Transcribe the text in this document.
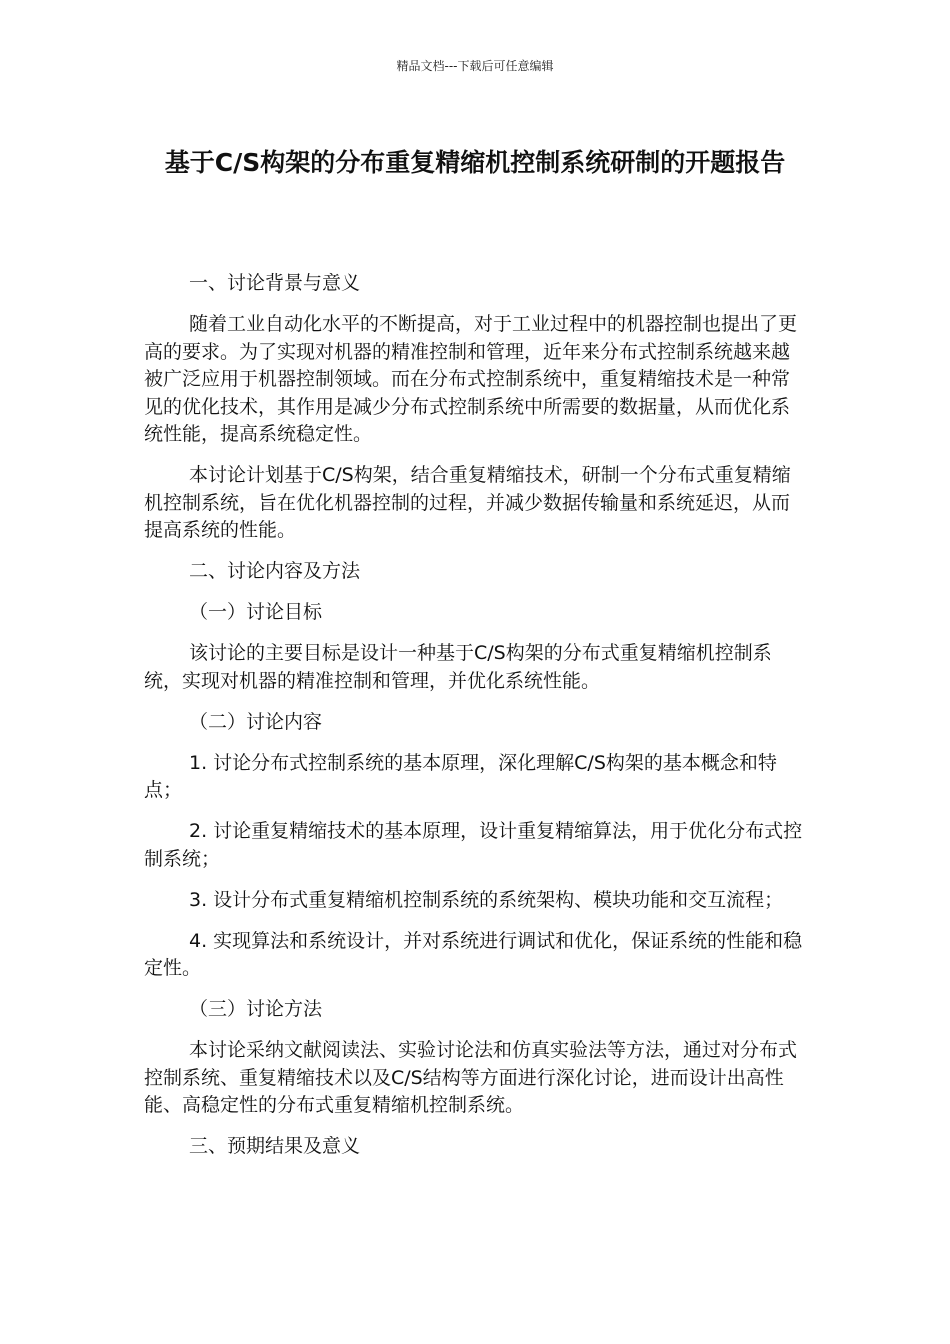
精品文档---下载后可任意编辑
基于C/S构架的分布重复精缩机控制系统研制的开题报告

一、讨论背景与意义

随着工业自动化水平的不断提高，对于工业过程中的机器控制也提出了更高的要求。为了实现对机器的精准控制和管理，近年来分布式控制系统越来越被广泛应用于机器控制领域。而在分布式控制系统中，重复精缩技术是一种常见的优化技术，其作用是减少分布式控制系统中所需要的数据量，从而优化系统性能，提高系统稳定性。

本讨论计划基于C/S构架，结合重复精缩技术，研制一个分布式重复精缩机控制系统，旨在优化机器控制的过程，并减少数据传输量和系统延迟，从而提高系统的性能。

二、讨论内容及方法

（一）讨论目标

该讨论的主要目标是设计一种基于C/S构架的分布式重复精缩机控制系统，实现对机器的精准控制和管理，并优化系统性能。

（二）讨论内容

1. 讨论分布式控制系统的基本原理，深化理解C/S构架的基本概念和特点；

2. 讨论重复精缩技术的基本原理，设计重复精缩算法，用于优化分布式控制系统；

3. 设计分布式重复精缩机控制系统的系统架构、模块功能和交互流程；

4. 实现算法和系统设计，并对系统进行调试和优化，保证系统的性能和稳定性。

（三）讨论方法

本讨论采纳文献阅读法、实验讨论法和仿真实验法等方法，通过对分布式控制系统、重复精缩技术以及C/S结构等方面进行深化讨论，进而设计出高性能、高稳定性的分布式重复精缩机控制系统。

三、预期结果及意义
